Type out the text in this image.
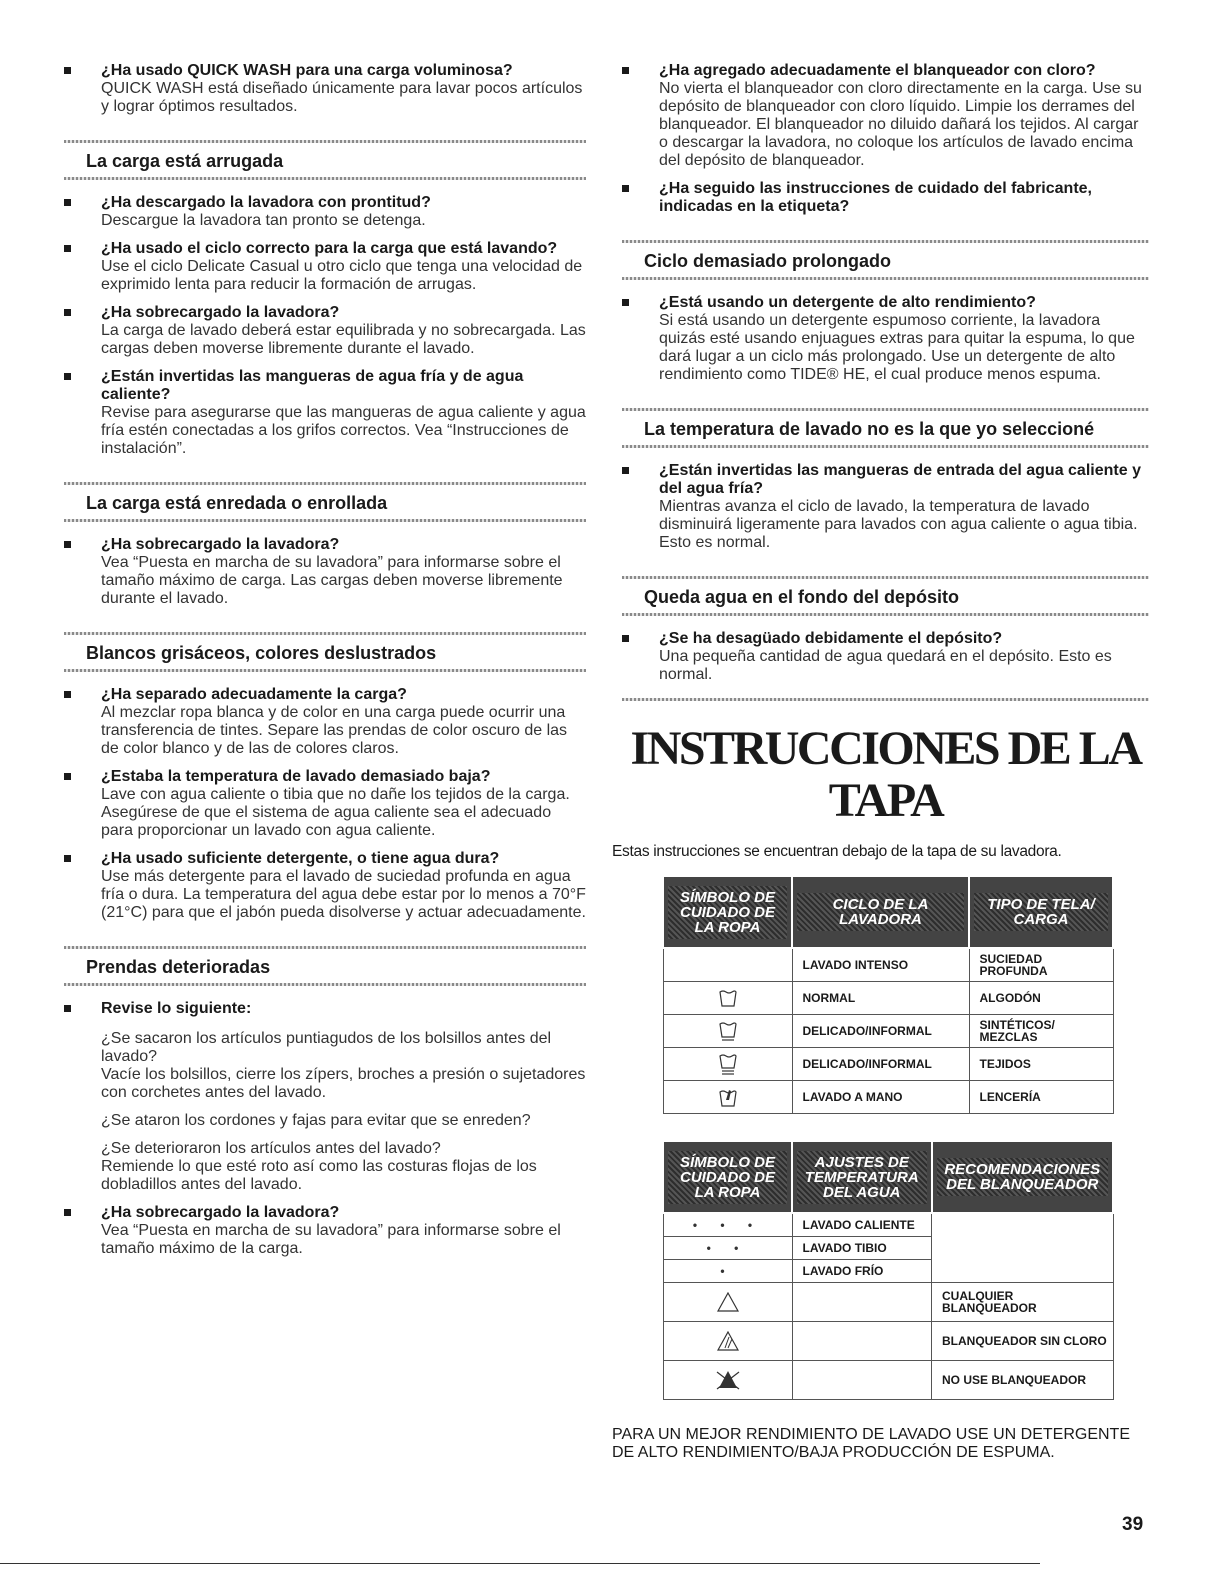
¿Ha usado QUICK WASH para una carga voluminosa?
QUICK WASH está diseñado únicamente para lavar pocos artículos y lograr óptimos resultados.
La carga está arrugada
¿Ha descargado la lavadora con prontitud?
Descargue la lavadora tan pronto se detenga.
¿Ha usado el ciclo correcto para la carga que está lavando?
Use el ciclo Delicate Casual u otro ciclo que tenga una velocidad de exprimido lenta para reducir la formación de arrugas.
¿Ha sobrecargado la lavadora?
La carga de lavado deberá estar equilibrada y no sobrecargada. Las cargas deben moverse libremente durante el lavado.
¿Están invertidas las mangueras de agua fría y de agua caliente?
Revise para asegurarse que las mangueras de agua caliente y agua fría estén conectadas a los grifos correctos. Vea “Instrucciones de instalación”.
La carga está enredada o enrollada
¿Ha sobrecargado la lavadora?
Vea “Puesta en marcha de su lavadora” para informarse sobre el tamaño máximo de carga. Las cargas deben moverse libremente durante el lavado.
Blancos grisáceos, colores deslustrados
¿Ha separado adecuadamente la carga?
Al mezclar ropa blanca y de color en una carga puede ocurrir una transferencia de tintes. Separe las prendas de color oscuro de las de color blanco y de las de colores claros.
¿Estaba la temperatura de lavado demasiado baja?
Lave con agua caliente o tibia que no dañe los tejidos de la carga. Asegúrese de que el sistema de agua caliente sea el adecuado para proporcionar un lavado con agua caliente.
¿Ha usado suficiente detergente, o tiene agua dura?
Use más detergente para el lavado de suciedad profunda en agua fría o dura. La temperatura del agua debe estar por lo menos a 70°F (21°C) para que el jabón pueda disolverse y actuar adecuadamente.
Prendas deterioradas
Revise lo siguiente:

¿Se sacaron los artículos puntiagudos de los bolsillos antes del lavado?
Vacíe los bolsillos, cierre los zípers, broches a presión o sujetadores con corchetes antes del lavado.

¿Se ataron los cordones y fajas para evitar que se enreden?

¿Se deterioraron los artículos antes del lavado?
Remiende lo que esté roto así como las costuras flojas de los dobladillos antes del lavado.

¿Ha sobrecargado la lavadora?
Vea “Puesta en marcha de su lavadora” para informarse sobre el tamaño máximo de la carga.
¿Ha agregado adecuadamente el blanqueador con cloro?
No vierta el blanqueador con cloro directamente en la carga. Use su depósito de blanqueador con cloro líquido. Limpie los derrames del blanqueador. El blanqueador no diluido dañará los tejidos. Al cargar o descargar la lavadora, no coloque los artículos de lavado encima del depósito de blanqueador.
¿Ha seguido las instrucciones de cuidado del fabricante, indicadas en la etiqueta?
Ciclo demasiado prolongado
¿Está usando un detergente de alto rendimiento?
Si está usando un detergente espumoso corriente, la lavadora quizás esté usando enjuagues extras para quitar la espuma, lo que dará lugar a un ciclo más prolongado. Use un detergente de alto rendimiento como TIDE® HE, el cual produce menos espuma.
La temperatura de lavado no es la que yo seleccioné
¿Están invertidas las mangueras de entrada del agua caliente y del agua fría?
Mientras avanza el ciclo de lavado, la temperatura de lavado disminuirá ligeramente para lavados con agua caliente o agua tibia. Esto es normal.
Queda agua en el fondo del depósito
¿Se ha desagüado debidamente el depósito?
Una pequeña cantidad de agua quedará en el depósito. Esto es normal.
INSTRUCCIONES DE LA
TAPA
Estas instrucciones se encuentran debajo de la tapa de su lavadora.
SÍMBOLO DE CUIDADO DE LA ROPA	CICLO DE LA LAVADORA	TIPO DE TELA/ CARGA
	LAVADO INTENSO	SUCIEDAD PROFUNDA

	NORMAL	ALGODÓN

	DELICADO/INFORMAL	SINTÉTICOS/ MEZCLAS

	DELICADO/INFORMAL	TEJIDOS

	LAVADO A MANO	LENCERÍA
SÍMBOLO DE CUIDADO DE LA ROPA	AJUSTES DE TEMPERATURA DEL AGUA	RECOMENDACIONES DEL BLANQUEADOR
• • •	LAVADO CALIENTE	
• •	LAVADO TIBIO	
•	LAVADO FRÍO	

		CUALQUIER BLANQUEADOR

		BLANQUEADOR SIN CLORO

		NO USE BLANQUEADOR
PARA UN MEJOR RENDIMIENTO DE LAVADO USE UN DETERGENTE DE ALTO RENDIMIENTO/BAJA PRODUCCIÓN DE ESPUMA.
39
